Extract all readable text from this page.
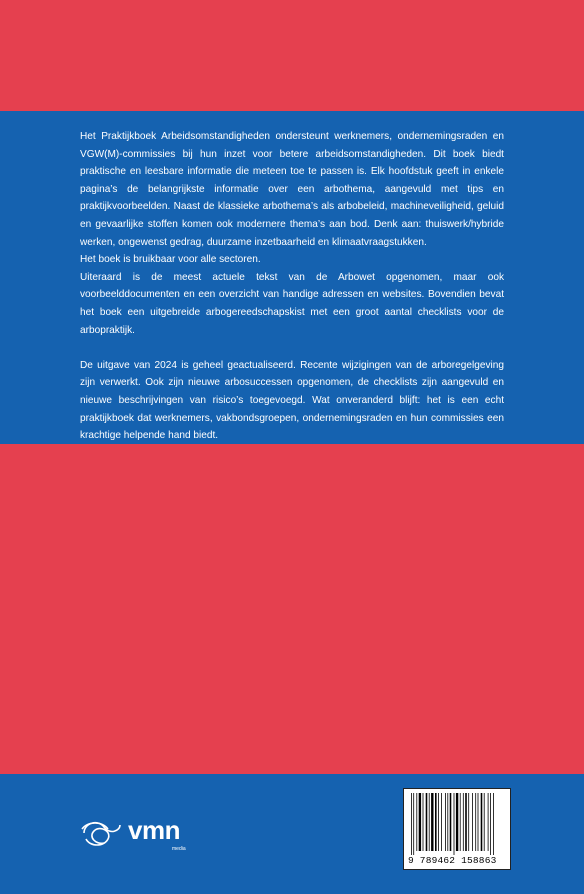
Het Praktijkboek Arbeidsomstandigheden ondersteunt werknemers, ondernemingsraden en VGW(M)-commissies bij hun inzet voor betere arbeidsomstandigheden. Dit boek biedt praktische en leesbare informatie die meteen toe te passen is. Elk hoofdstuk geeft in enkele pagina’s de belangrijkste informatie over een arbothema, aangevuld met tips en praktijkvoorbeelden. Naast de klassieke arbothema’s als arbobeleid, machineveiligheid, geluid en gevaarlijke stoffen komen ook modernere thema’s aan bod. Denk aan: thuiswerk/hybride werken, ongewenst gedrag, duurzame inzetbaarheid en klimaatvraagstukken.

Het boek is bruikbaar voor alle sectoren.

Uiteraard is de meest actuele tekst van de Arbowet opgenomen, maar ook voorbeelddocumenten en een overzicht van handige adressen en websites. Bovendien bevat het boek een uitgebreide arbogereedschapskist met een groot aantal checklists voor de arbopraktijk.

De uitgave van 2024 is geheel geactualiseerd. Recente wijzigingen van de arboregelgeving zijn verwerkt. Ook zijn nieuwe arbosuccessen opgenomen, de checklists zijn aangevuld en nieuwe beschrijvingen van risico’s toegevoegd. Wat onveranderd blijft: het is een echt praktijkboek dat werknemers, vakbondsgroepen, ondernemingsraden en hun commissies een krachtige helpende hand biedt.

vmn
media
9 789462 158863
